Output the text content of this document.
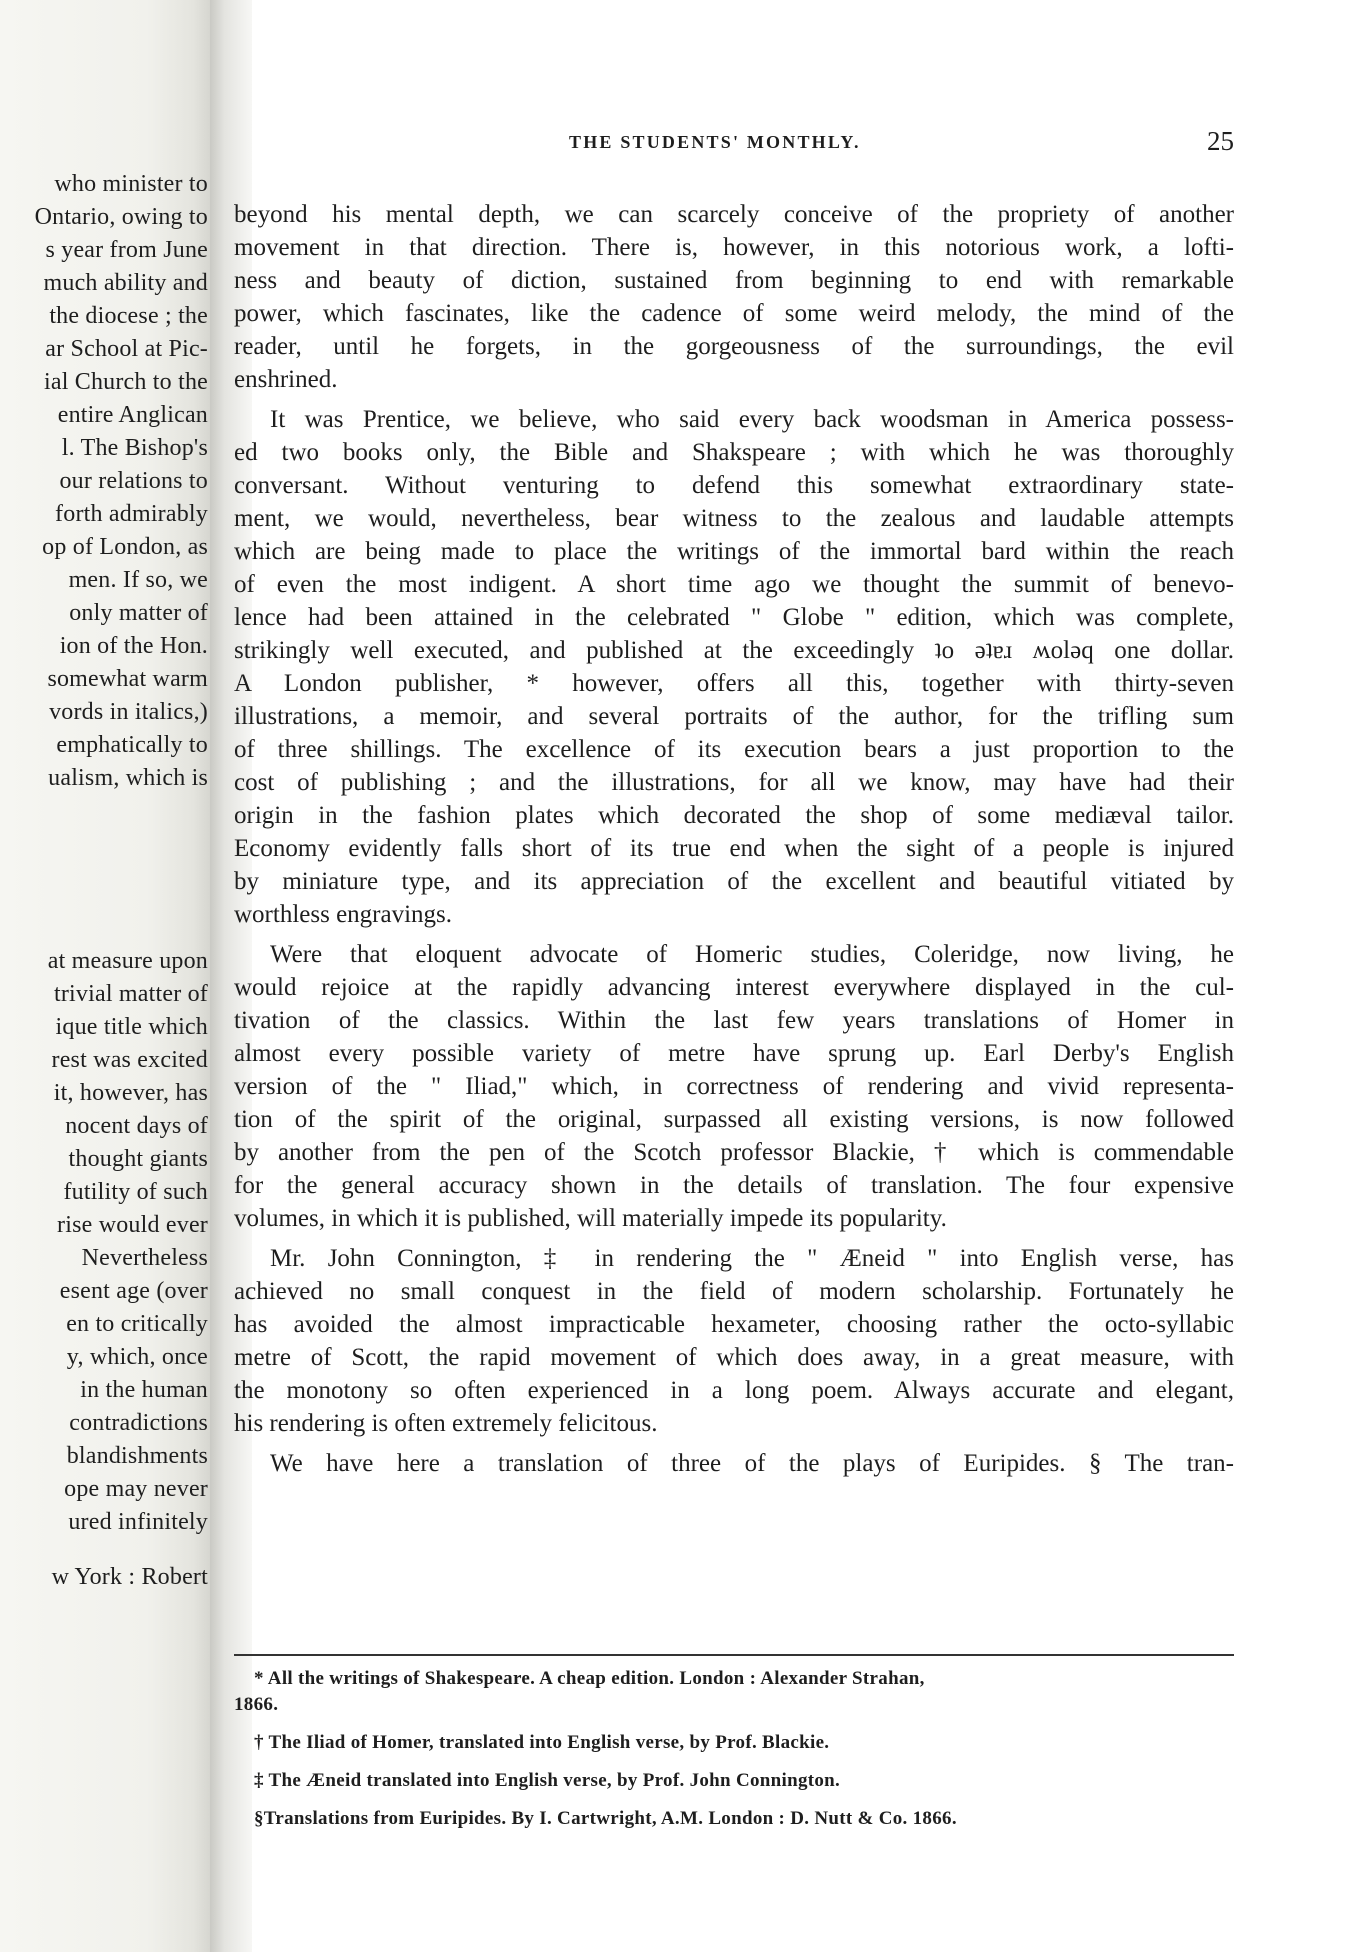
who minister to
Ontario, owing to
s year from June
much ability and
the diocese ; the
ar School at Pic-
ial Church to the
entire Anglican
l. The Bishop's
our relations to
forth admirably
op of London, as
men. If so, we
only matter of
ion of the Hon.
somewhat warm
vords in italics,)
emphatically to
ualism, which is
at measure upon
trivial matter of
ique title which
rest was excited
it, however, has
nocent days of
thought giants
futility of such
rise would ever
Nevertheless
esent age (over
en to critically
y, which, once
in the human
contradictions
blandishments
ope may never
ured infinitely
w York : Robert
THE STUDENTS' MONTHLY.	25
beyond his mental depth, we can scarcely conceive of the propriety of another
movement in that direction. There is, however, in this notorious work, a lofti-
ness and beauty of diction, sustained from beginning to end with remarkable
power, which fascinates, like the cadence of some weird melody, the mind of the
reader, until he forgets, in the gorgeousness of the surroundings, the evil
enshrined.
It was Prentice, we believe, who said every back woodsman in America possess-
ed two books only, the Bible and Shakspeare ; with which he was thoroughly
conversant. Without venturing to defend this somewhat extraordinary state-
ment, we would, nevertheless, bear witness to the zealous and laudable attempts
which are being made to place the writings of the immortal bard within the reach
of even the most indigent. A short time ago we thought the summit of benevo-
lence had been attained in the celebrated " Globe " edition, which was complete,
strikingly well executed, and published at the exceedingly ʇo ǝʇɐɹ ʍolǝq one dollar.
A London publisher, * however, offers all this, together with thirty-seven
illustrations, a memoir, and several portraits of the author, for the trifling sum
of three shillings. The excellence of its execution bears a just proportion to the
cost of publishing ; and the illustrations, for all we know, may have had their
origin in the fashion plates which decorated the shop of some mediæval tailor.
Economy evidently falls short of its true end when the sight of a people is injured
by miniature type, and its appreciation of the excellent and beautiful vitiated by
worthless engravings.
Were that eloquent advocate of Homeric studies, Coleridge, now living, he
would rejoice at the rapidly advancing interest everywhere displayed in the cul-
tivation of the classics. Within the last few years translations of Homer in
almost every possible variety of metre have sprung up. Earl Derby's English
version of the " Iliad," which, in correctness of rendering and vivid representa-
tion of the spirit of the original, surpassed all existing versions, is now followed
by another from the pen of the Scotch professor Blackie, † which is commendable
for the general accuracy shown in the details of translation. The four expensive
volumes, in which it is published, will materially impede its popularity.
Mr. John Connington, ‡ in rendering the " Æneid " into English verse, has
achieved no small conquest in the field of modern scholarship. Fortunately he
has avoided the almost impracticable hexameter, choosing rather the octo-syllabic
metre of Scott, the rapid movement of which does away, in a great measure, with
the monotony so often experienced in a long poem. Always accurate and elegant,
his rendering is often extremely felicitous.
We have here a translation of three of the plays of Euripides. § The tran-
* All the writings of Shakespeare. A cheap edition. London : Alexander Strahan,
1866.
† The Iliad of Homer, translated into English verse, by Prof. Blackie.
‡ The Æneid translated into English verse, by Prof. John Connington.
§Translations from Euripides. By I. Cartwright, A.M. London : D. Nutt & Co. 1866.
